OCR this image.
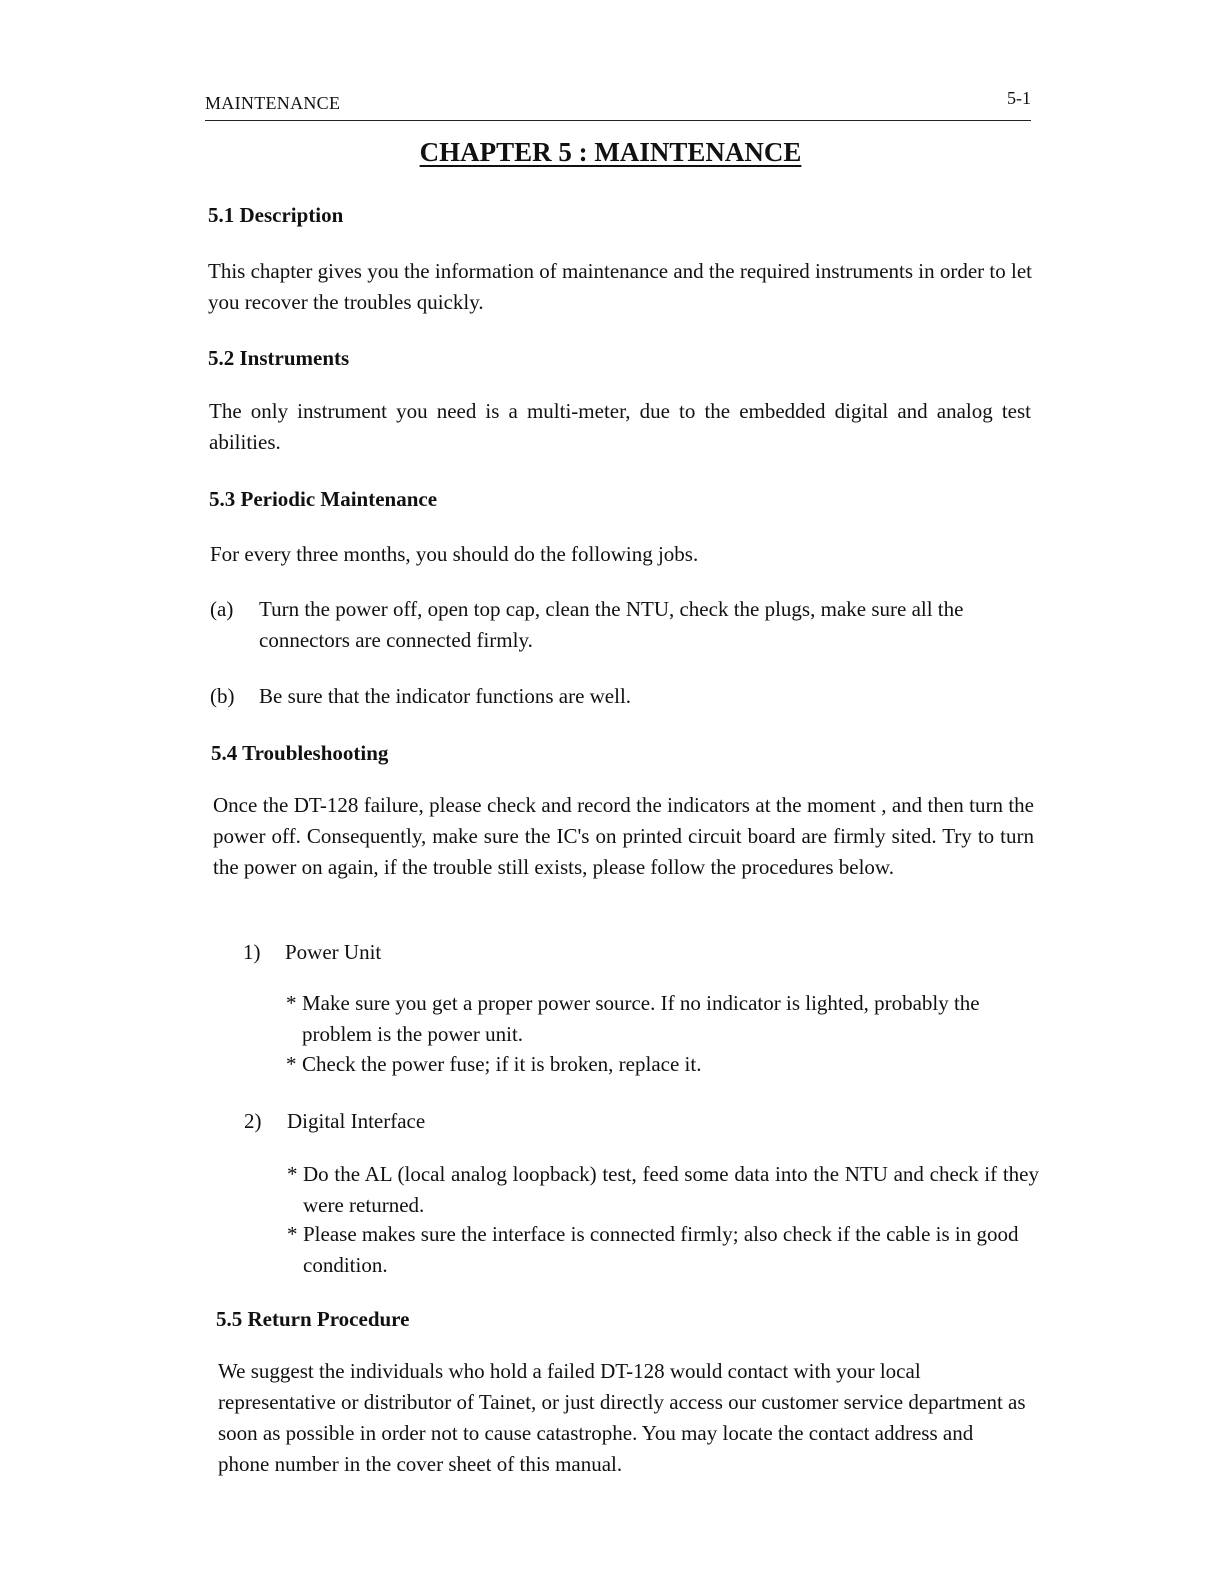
MAINTENANCE	5-1
CHAPTER 5 : MAINTENANCE
5.1 Description
This chapter gives you the information of maintenance and the required instruments in order to let you recover the troubles quickly.
5.2 Instruments
The only instrument you need is a multi-meter, due to the embedded digital and analog test abilities.
5.3 Periodic Maintenance
For every three months, you should do the following jobs.
(a) Turn the power off, open top cap, clean the NTU, check the plugs, make sure all the connectors are connected firmly.
(b) Be sure that the indicator functions are well.
5.4 Troubleshooting
Once the DT-128 failure, please check and record the indicators at the moment , and then turn the power off. Consequently, make sure the IC's on printed circuit board are firmly sited. Try to turn the power on again, if the trouble still exists, please follow the procedures below.
1) Power Unit
* Make sure you get a proper power source. If no indicator is lighted, probably the problem is the power unit.
* Check the power fuse; if it is broken, replace it.
2) Digital Interface
* Do the AL (local analog loopback) test, feed some data into the NTU and check if they were returned.
* Please makes sure the interface is connected firmly; also check if the cable is in good condition.
5.5 Return Procedure
We suggest the individuals who hold a failed DT-128 would contact with your local representative or distributor of Tainet, or just directly access our customer service department as soon as possible in order not to cause catastrophe. You may locate the contact address and phone number in the cover sheet of this manual.
